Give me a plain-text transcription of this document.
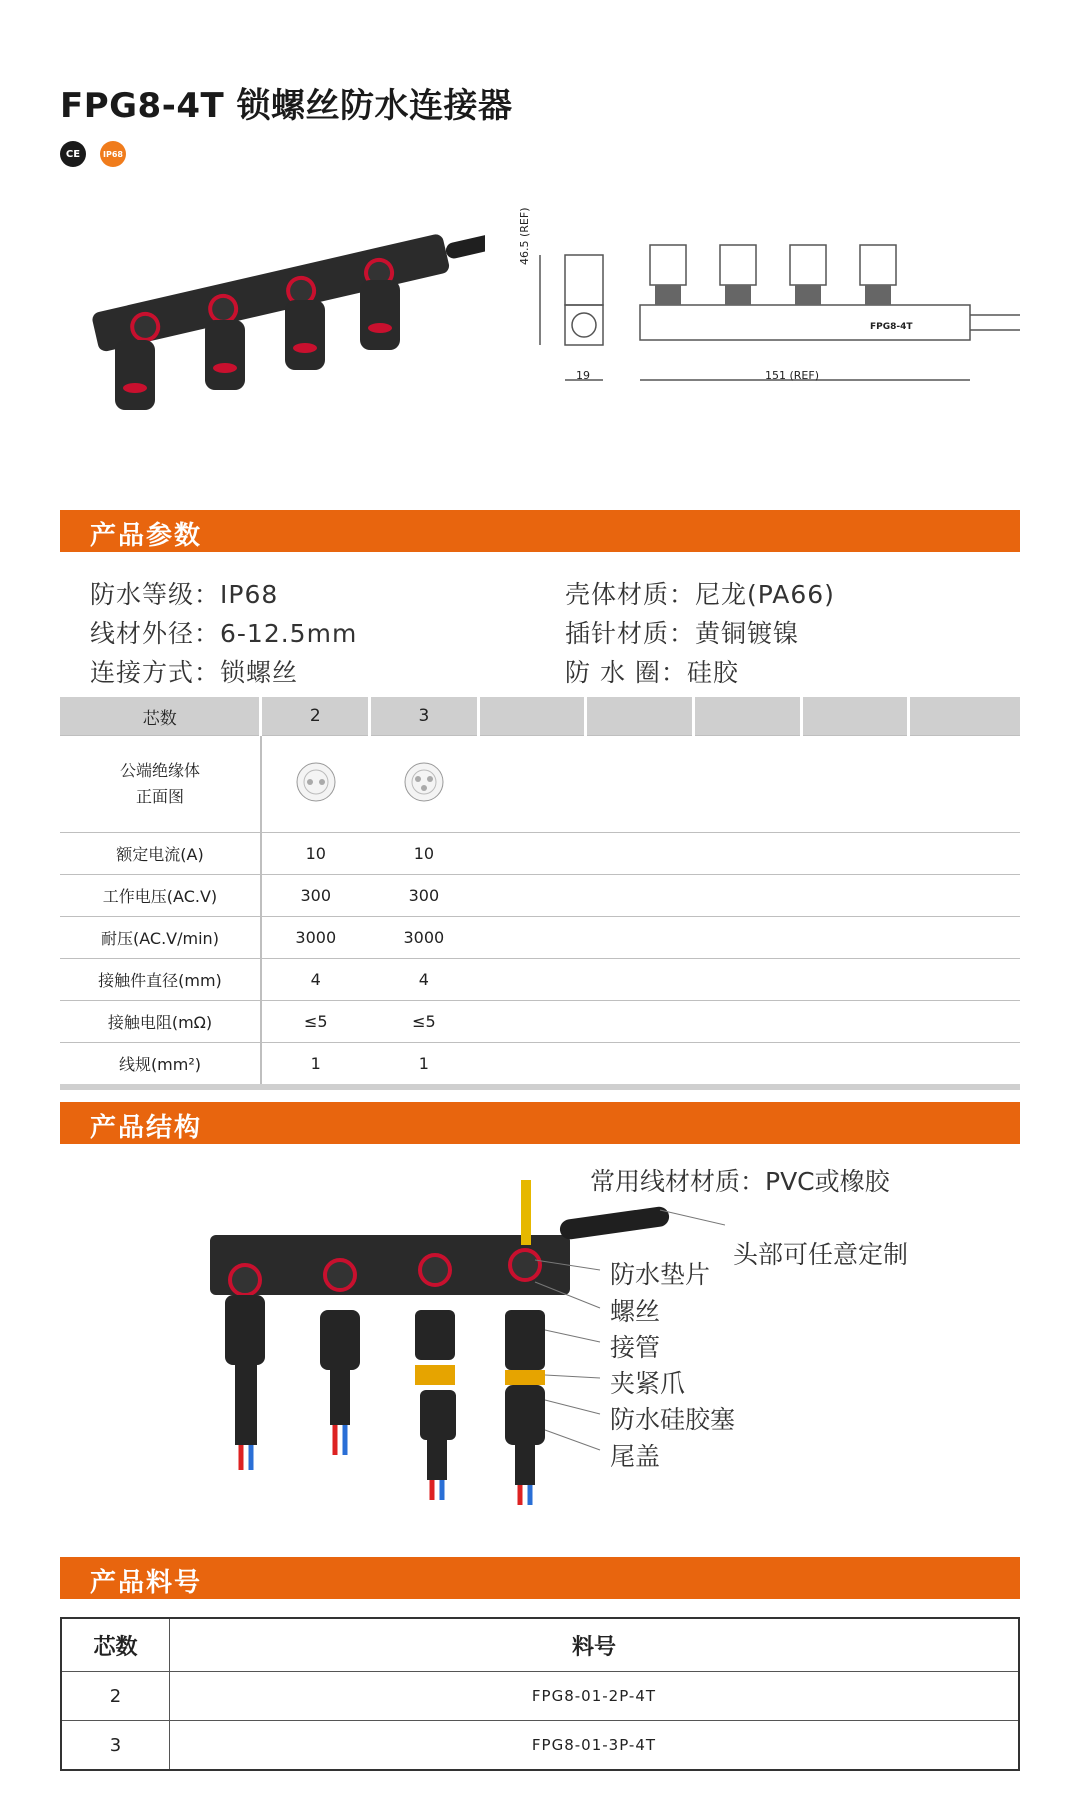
FPG8-4T 锁螺丝防水连接器
CE	IP68
46.5 (REF)
19	151 (REF)
FPG8-4T
产品参数
防水等级：IP68
线材外径：6-12.5mm
连接方式：锁螺丝
壳体材质：尼龙(PA66)
插针材质：黄铜镀镍
防 水 圈：硅胶
芯数	2	3					

公端绝缘体
正面图

额定电流(A)	10	10					
工作电压(AC.V)	300	300					
耐压(AC.V/min)	3000	3000					
接触件直径(mm)	4	4					
接触电阻(mΩ)	≤5	≤5					
线规(mm²)	1	1					
产品结构
常用线材材质：PVC或橡胶
头部可任意定制
防水垫片
螺丝
接管
夹紧爪
防水硅胶塞
尾盖
产品料号
芯数	料号
2	FPG8-01-2P-4T
3	FPG8-01-3P-4T
